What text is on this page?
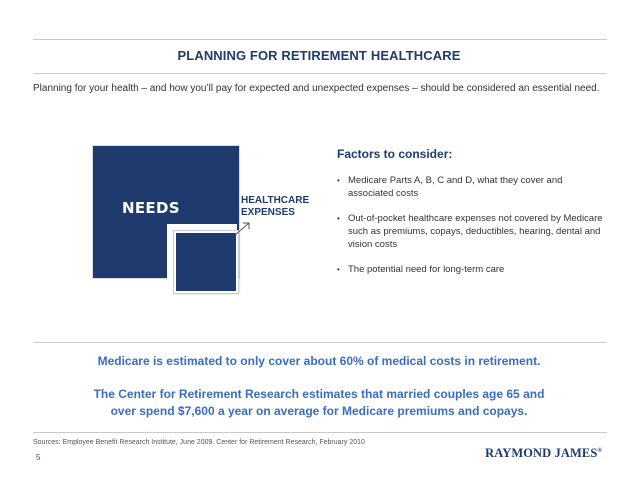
PLANNING FOR RETIREMENT HEALTHCARE
Planning for your health – and how you’ll pay for expected and unexpected expenses – should be considered an essential need.
NEEDS	HEALTHCARE
EXPENSES
Factors to consider:
• Medicare Parts A, B, C and D, what they cover and associated costs
• Out-of-pocket healthcare expenses not covered by Medicare such as premiums, copays, deductibles, hearing, dental and vision costs
• The potential need for long-term care
Medicare is estimated to only cover about 60% of medical costs in retirement.
The Center for Retirement Research estimates that married couples age 65 and
over spend $7,600 a year on average for Medicare premiums and copays.
Sources: Employee Benefit Research Institute, June 2009. Center for Retirement Research, February 2010
5	RAYMOND JAMES®
